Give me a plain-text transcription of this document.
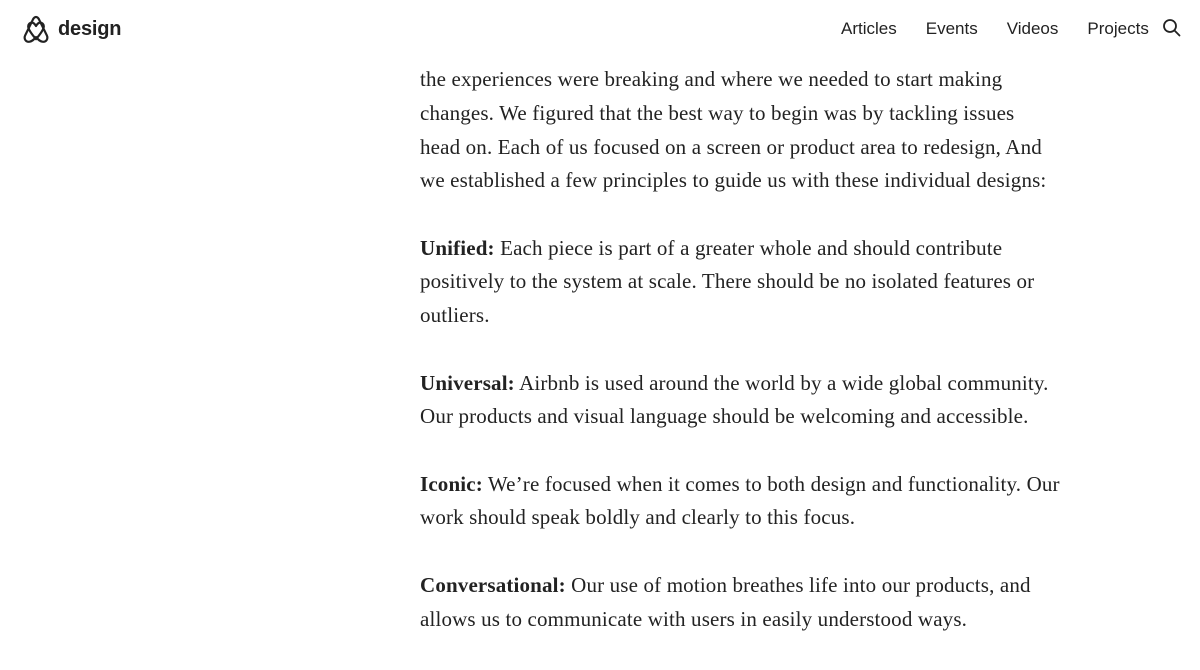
design	Articles Events Videos Projects

the experiences were breaking and where we needed to start making changes. We figured that the best way to begin was by tackling issues head on. Each of us focused on a screen or product area to redesign, And we established a few principles to guide us with these individual designs:

Unified: Each piece is part of a greater whole and should contribute positively to the system at scale. There should be no isolated features or outliers.

Universal: Airbnb is used around the world by a wide global community. Our products and visual language should be welcoming and accessible.

Iconic: We’re focused when it comes to both design and functionality. Our work should speak boldly and clearly to this focus.

Conversational: Our use of motion breathes life into our products, and allows us to communicate with users in easily understood ways.
